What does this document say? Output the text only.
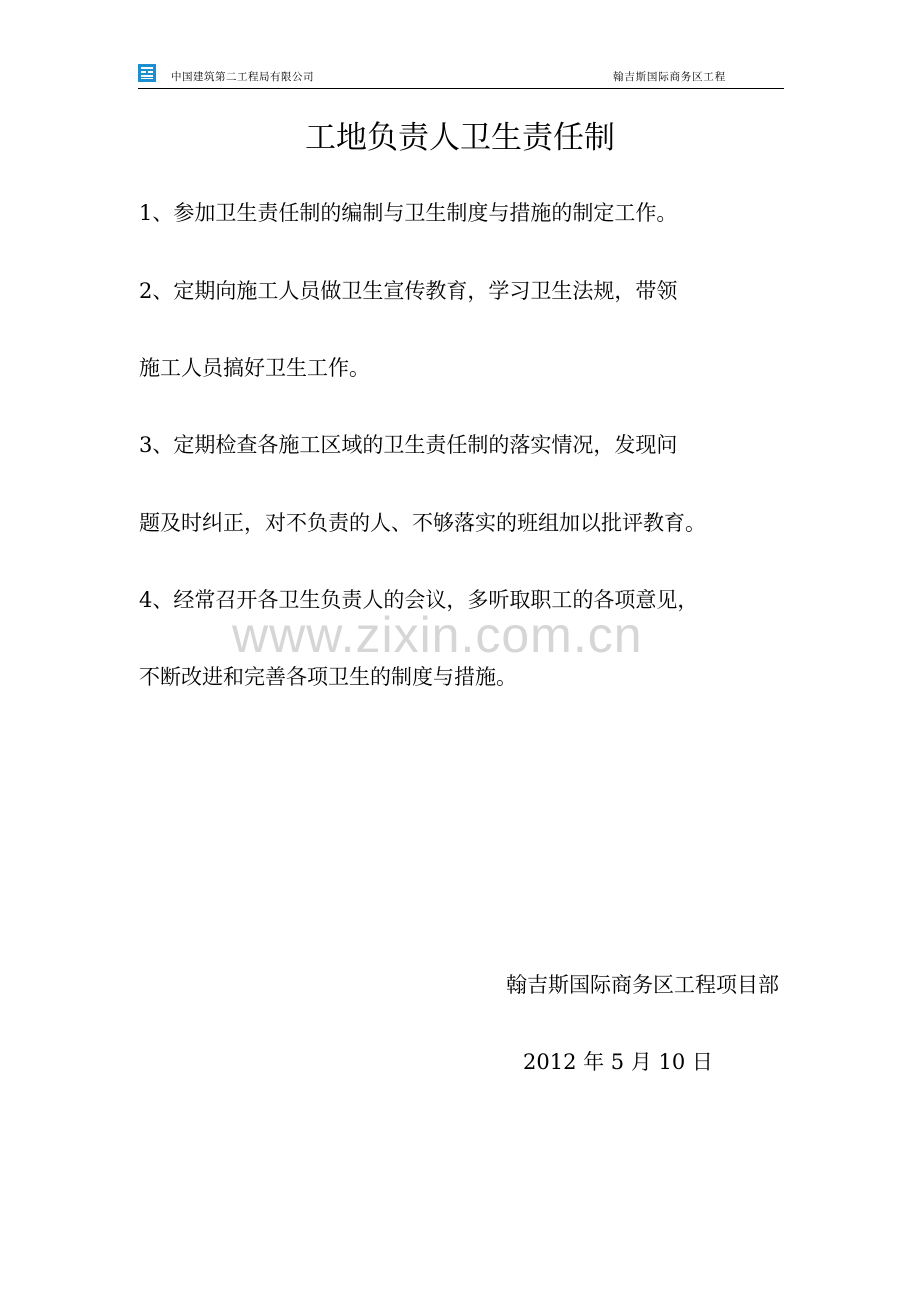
中国建筑第二工程局有限公司	翰吉斯国际商务区工程
工地负责人卫生责任制
1、参加卫生责任制的编制与卫生制度与措施的制定工作。
2、定期向施工人员做卫生宣传教育，学习卫生法规，带领
施工人员搞好卫生工作。
3、定期检查各施工区域的卫生责任制的落实情况，发现问
题及时纠正，对不负责的人、不够落实的班组加以批评教育。
4、经常召开各卫生负责人的会议，多听取职工的各项意见，
不断改进和完善各项卫生的制度与措施。
www.zixin.com.cn
翰吉斯国际商务区工程项目部
2012 年 5 月 10 日
